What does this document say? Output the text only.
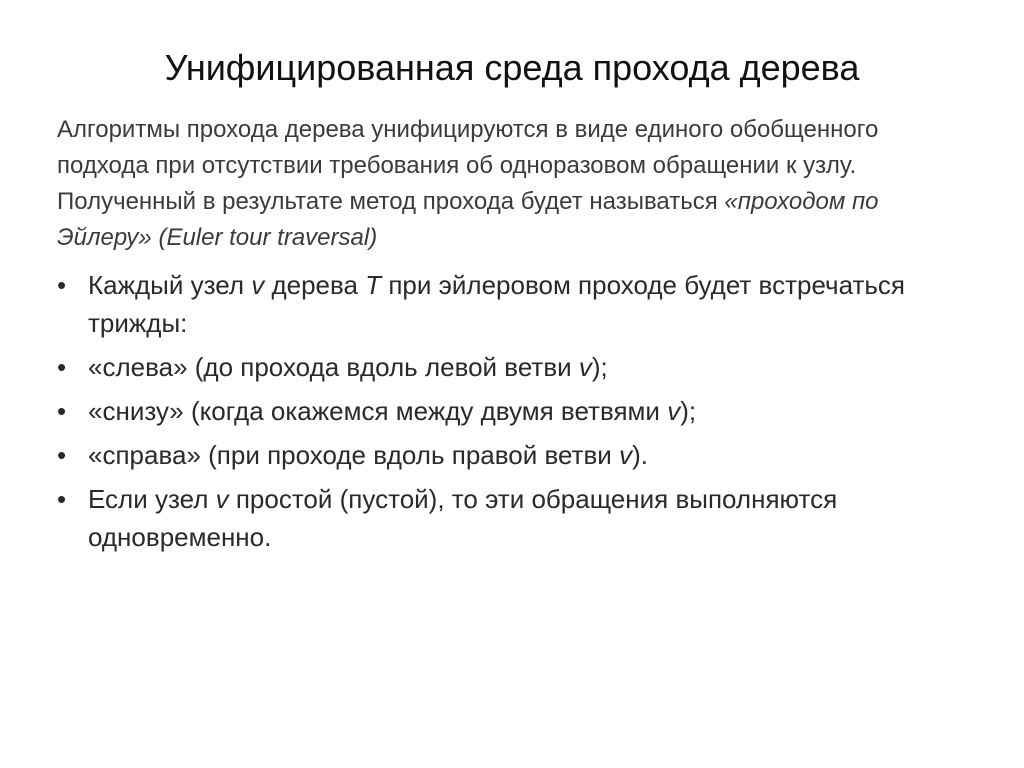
Унифицированная среда прохода дерева

Алгоритмы прохода дерева унифицируются в виде единого обобщенного подхода при отсутствии требования об одноразовом обращении к узлу. Полученный в результате метод прохода будет называться «проходом по Эйлеру» (Euler tour traversal)

• Каждый узел v дерева T при эйлеровом проходе будет встречаться трижды:
• «слева» (до прохода вдоль левой ветви v);
• «снизу» (когда окажемся между двумя ветвями v);
• «справа» (при проходе вдоль правой ветви v).
• Если узел v простой (пустой), то эти обращения выполняются одновременно.
